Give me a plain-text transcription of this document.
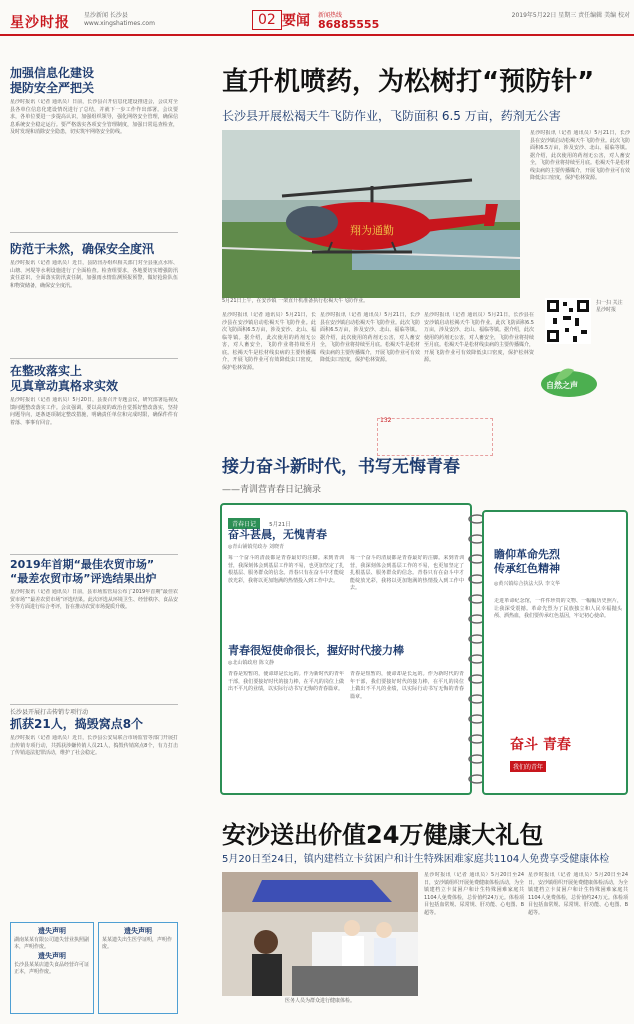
星沙时报 星沙新闻 长沙县 www.xingshatimes.com	02 要闻 新闻热线
86885555
2019年5月22日 星期三 责任编辑 美编 校对
加强信息化建设
提防安全严把关
星沙时报讯（记者 通讯员）日前，长沙县召开信息化建设推进会，会议对全县各单位信息化建设情况进行了总结，并就下一步工作作出部署。会议要求，各单位要进一步提高认识，加强组织领导，强化网络安全管理，确保信息系统安全稳定运行。要严格落实各项安全管理制度，加强日常巡查检查，及时发现和消除安全隐患，切实筑牢网络安全防线。
防范于未然，确保安全度汛
星沙时报讯（记者 通讯员）近日，县防汛办组织相关部门对全县重点水库、山塘、河堤等水利设施进行了全面检查。检查组要求，各地要切实增强防汛责任意识，全面落实防汛责任制，加强雨水情监测预报预警，做好抢险队伍和物资储备，确保安全度汛。
在整改落实上
见真章动真格求实效
星沙时报讯（记者 通讯员）5月20日，县委召开专题会议，研究部署巡视反馈问题整改落实工作。会议强调，要以高度的政治自觉抓好整改落实，坚持问题导向，逐条逐项制定整改措施，明确责任单位和完成时限，确保件件有着落、事事有回音。
2019年首期“最佳农贸市场”
“最差农贸市场”评选结果出炉
星沙时报讯（记者 通讯员）日前，县市场监管局公布了2019年首期“最佳农贸市场”“最差农贸市场”评选结果。此次评选从环境卫生、经营秩序、食品安全等方面进行综合考评，旨在推动农贸市场提质升级。
长沙县开展打击传销专项行动
抓获21人，捣毁窝点8个
星沙时报讯（记者 通讯员）近日，长沙县公安局联合市场监管等部门开展打击传销专项行动，共抓获涉嫌传销人员21人，捣毁传销窝点8个，有力打击了传销违法犯罪活动，维护了社会稳定。
遗失声明
湖南某某有限公司遗失营业执照副本，声明作废。
遗失声明
长沙县某某店遗失食品经营许可证正本，声明作废。
遗失声明
某某遗失出生医学证明，声明作废。
直升机喷药，为松树打“预防针”
长沙县开展松褐天牛飞防作业，飞防面积 6.5 万亩，药剂无公害
翔为通勤
5月21日上午，在安沙镇 一架直升机准备执行松褐天牛飞防作业。
星沙时报讯（记者 通讯员）5月21日，长沙县在安沙镇启动松褐天牛飞防作业。此次飞防面积6.5万亩，涉及安沙、北山、福临等镇。据介绍，此次使用的药剂无公害，对人畜安全，飞防作业将持续至月底。松褐天牛是松材线虫病的主要传播媒介，开展飞防作业可有效降低虫口密度，保护松林资源。
星沙时报讯（记者 通讯员）5月21日，长沙县在安沙镇启动松褐天牛飞防作业。此次飞防面积6.5万亩，涉及安沙、北山、福临等镇。据介绍，此次使用的药剂无公害，对人畜安全，飞防作业将持续至月底。松褐天牛是松材线虫病的主要传播媒介，开展飞防作业可有效降低虫口密度，保护松林资源。
星沙时报讯（记者 通讯员）5月21日，长沙县在安沙镇启动松褐天牛飞防作业。此次飞防面积6.5万亩，涉及安沙、北山、福临等镇。据介绍，此次使用的药剂无公害，对人畜安全，飞防作业将持续至月底。松褐天牛是松材线虫病的主要传播媒介，开展飞防作业可有效降低虫口密度，保护松林资源。
星沙时报讯（记者 通讯员）5月21日，长沙县在安沙镇启动松褐天牛飞防作业。此次飞防面积6.5万亩，涉及安沙、北山、福临等镇。据介绍，此次使用的药剂无公害，对人畜安全，飞防作业将持续至月底。松褐天牛是松材线虫病的主要传播媒介，开展飞防作业可有效降低虫口密度，保护松林资源。
扫一扫 关注星沙时报
自然之声
132
接力奋斗新时代，书写无悔青春
——青训营青春日记摘录
青春日记 5月21日
奋斗甚晨，无愧青春
◎青山铺镇党政办 刘晓青
每一个奋斗的清晨都是青春最好的注脚。来到青训营，我深刻体会到基层工作的不易，也更加坚定了扎根基层、服务群众的信念。青春只有在奋斗中才能绽放光彩，我将以更加饱满的热情投入到工作中去。
每一个奋斗的清晨都是青春最好的注脚。来到青训营，我深刻体会到基层工作的不易，也更加坚定了扎根基层、服务群众的信念。青春只有在奋斗中才能绽放光彩，我将以更加饱满的热情投入到工作中去。
青春很短使命很长，握好时代接力棒
◎北山镇政府 陈文静
青春是短暂的，使命却是长远的。作为新时代的青年干部，我们要接好时代的接力棒，在平凡的岗位上做出不平凡的业绩，以实际行动书写无悔的青春篇章。
青春是短暂的，使命却是长远的。作为新时代的青年干部，我们要接好时代的接力棒，在平凡的岗位上做出不平凡的业绩，以实际行动书写无悔的青春篇章。
瞻仰革命先烈
传承红色精神
◎黄兴镇综合执法大队 李文华
走进革命纪念馆，一件件珍贵的文物、一幅幅历史照片，让我深受震撼。革命先烈为了民族独立和人民幸福抛头颅、洒热血，我们要传承红色基因，牢记初心使命。
奋斗 青春
我们的青年
安沙送出价值24万健康大礼包
5月20日至24日，镇内建档立卡贫困户和计生特殊困难家庭共1104人免费享受健康体检
医务人员为群众进行健康体检。
星沙时报讯（记者 通讯员）5月20日至24日，安沙镇组织开展免费健康体检活动，为全镇建档立卡贫困户和计生特殊困难家庭共1104人免费体检，总价值约24万元。体检项目包括血常规、尿常规、肝功能、心电图、B超等。
星沙时报讯（记者 通讯员）5月20日至24日，安沙镇组织开展免费健康体检活动，为全镇建档立卡贫困户和计生特殊困难家庭共1104人免费体检，总价值约24万元。体检项目包括血常规、尿常规、肝功能、心电图、B超等。
